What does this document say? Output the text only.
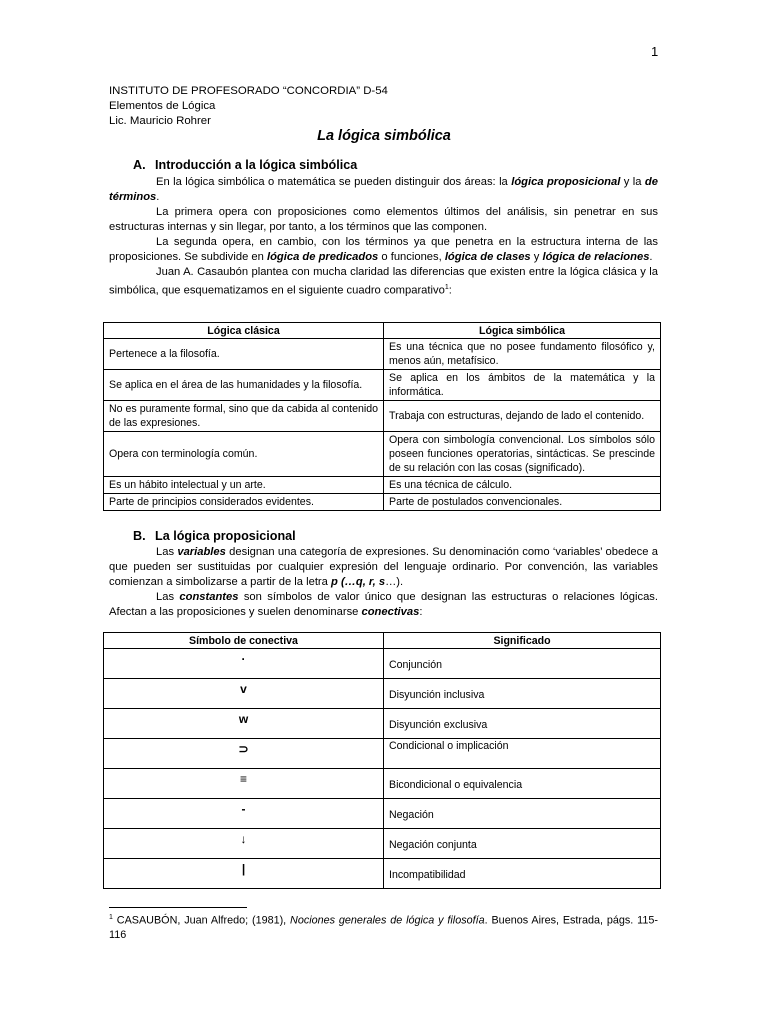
1
INSTITUTO DE PROFESORADO “CONCORDIA” D-54
Elementos de Lógica
Lic. Mauricio Rohrer
La lógica simbólica
A. Introducción a la lógica simbólica

En la lógica simbólica o matemática se pueden distinguir dos áreas: la lógica proposicional y la de términos.

La primera opera con proposiciones como elementos últimos del análisis, sin penetrar en sus estructuras internas y sin llegar, por tanto, a los términos que las componen.

La segunda opera, en cambio, con los términos ya que penetra en la estructura interna de las proposiciones. Se subdivide en lógica de predicados o funciones, lógica de clases y lógica de relaciones.

Juan A. Casaubón plantea con mucha claridad las diferencias que existen entre la lógica clásica y la simbólica, que esquematizamos en el siguiente cuadro comparativo$^1$:

Lógica clásica	Lógica simbólica
Pertenece a la filosofía.	Es una técnica que no posee fundamento filosófico y, menos aún, metafísico.
Se aplica en el área de las humanidades y la filosofía.	Se aplica en los ámbitos de la matemática y la informática.
No es puramente formal, sino que da cabida al contenido de las expresiones.	Trabaja con estructuras, dejando de lado el contenido.
Opera con terminología común.	Opera con simbología convencional. Los símbolos sólo poseen funciones operatorias, sintácticas. Se prescinde de su relación con las cosas (significado).
Es un hábito intelectual y un arte.	Es una técnica de cálculo.
Parte de principios considerados evidentes.	Parte de postulados convencionales.
B. La lógica proposicional

Las variables designan una categoría de expresiones. Su denominación como ‘variables’ obedece a que pueden ser sustituidas por cualquier expresión del lenguaje ordinario. Por convención, las variables comienzan a simbolizarse a partir de la letra p (…q, r, s…).

Las constantes son símbolos de valor único que designan las estructuras o relaciones lógicas. Afectan a las proposiciones y suelen denominarse conectivas:

Símbolo de conectiva	Significado
·	Conjunción
v	Disyunción inclusiva
w	Disyunción exclusiva
⊃	Condicional o implicación
≡	Bicondicional o equivalencia
-	Negación
↓	Negación conjunta
|	Incompatibilidad
$^1$ CASAUBÓN, Juan Alfredo; (1981), Nociones generales de lógica y filosofía. Buenos Aires, Estrada, págs. 115-116
